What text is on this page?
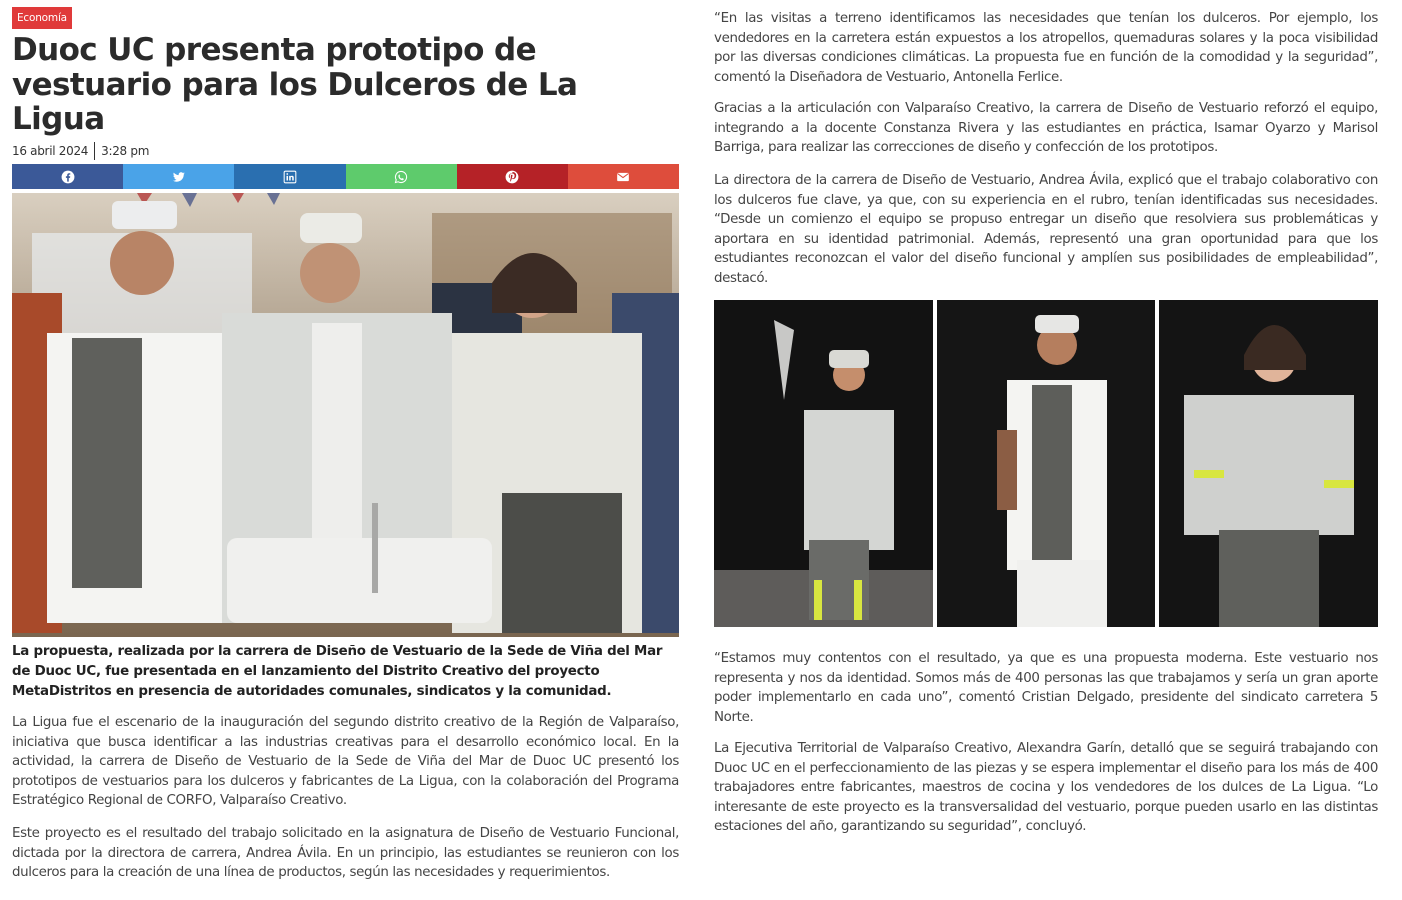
Economía
Duoc UC presenta prototipo de vestuario para los Dulceros de La Ligua
16 abril 2024 3:28 pm

La propuesta, realizada por la carrera de Diseño de Vestuario de la Sede de Viña del Mar de Duoc UC, fue presentada en el lanzamiento del Distrito Creativo del proyecto MetaDistritos en presencia de autoridades comunales, sindicatos y la comunidad.

La Ligua fue el escenario de la inauguración del segundo distrito creativo de la Región de Valparaíso, iniciativa que busca identificar a las industrias creativas para el desarrollo económico local. En la actividad, la carrera de Diseño de Vestuario de la Sede de Viña del Mar de Duoc UC presentó los prototipos de vestuarios para los dulceros y fabricantes de La Ligua, con la colaboración del Programa Estratégico Regional de CORFO, Valparaíso Creativo.

Este proyecto es el resultado del trabajo solicitado en la asignatura de Diseño de Vestuario Funcional, dictada por la directora de carrera, Andrea Ávila. En un principio, las estudiantes se reunieron con los dulceros para la creación de una línea de productos, según las necesidades y requerimientos.

“En las visitas a terreno identificamos las necesidades que tenían los dulceros. Por ejemplo, los vendedores en la carretera están expuestos a los atropellos, quemaduras solares y la poca visibilidad por las diversas condiciones climáticas. La propuesta fue en función de la comodidad y la seguridad”, comentó la Diseñadora de Vestuario, Antonella Ferlice.

Gracias a la articulación con Valparaíso Creativo, la carrera de Diseño de Vestuario reforzó el equipo, integrando a la docente Constanza Rivera y las estudiantes en práctica, Isamar Oyarzo y Marisol Barriga, para realizar las correcciones de diseño y confección de los prototipos.

La directora de la carrera de Diseño de Vestuario, Andrea Ávila, explicó que el trabajo colaborativo con los dulceros fue clave, ya que, con su experiencia en el rubro, tenían identificadas sus necesidades. “Desde un comienzo el equipo se propuso entregar un diseño que resolviera sus problemáticas y aportara en su identidad patrimonial. Además, representó una gran oportunidad para que los estudiantes reconozcan el valor del diseño funcional y amplíen sus posibilidades de empleabilidad”, destacó.

“Estamos muy contentos con el resultado, ya que es una propuesta moderna. Este vestuario nos representa y nos da identidad. Somos más de 400 personas las que trabajamos y sería un gran aporte poder implementarlo en cada uno”, comentó Cristian Delgado, presidente del sindicato carretera 5 Norte.

La Ejecutiva Territorial de Valparaíso Creativo, Alexandra Garín, detalló que se seguirá trabajando con Duoc UC en el perfeccionamiento de las piezas y se espera implementar el diseño para los más de 400 trabajadores entre fabricantes, maestros de cocina y los vendedores de los dulces de La Ligua. “Lo interesante de este proyecto es la transversalidad del vestuario, porque pueden usarlo en las distintas estaciones del año, garantizando su seguridad”, concluyó.
